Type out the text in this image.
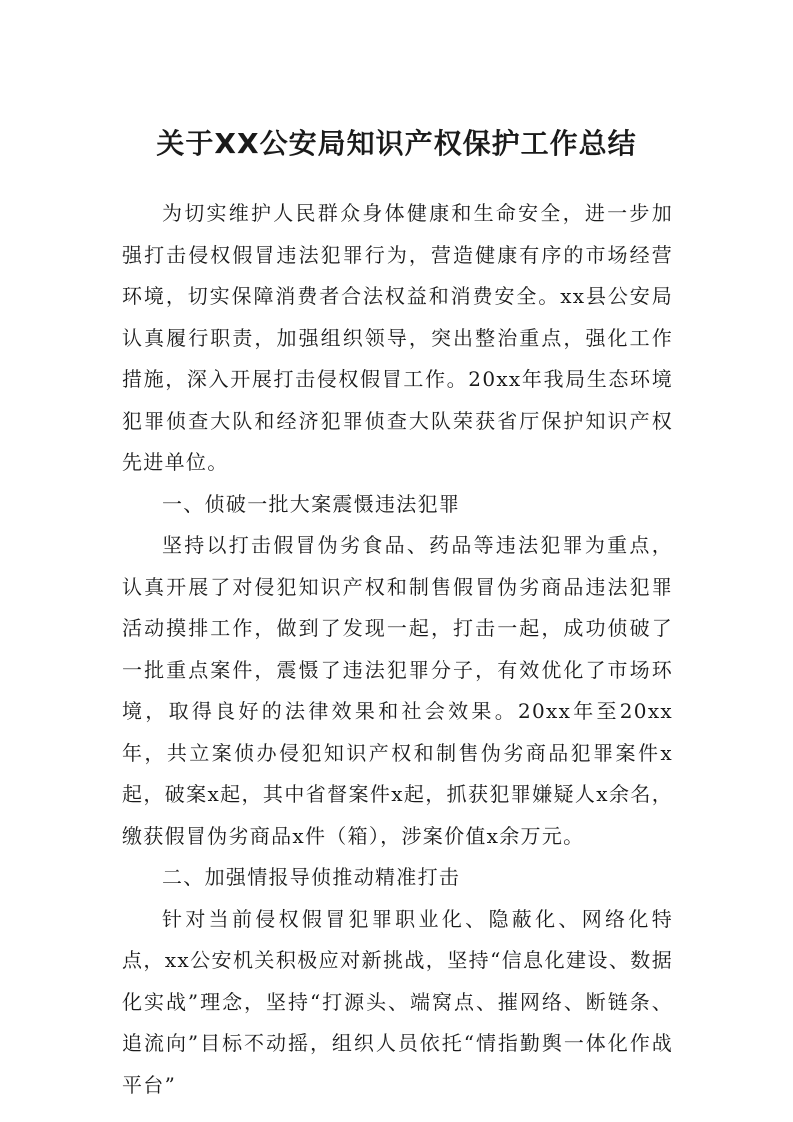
关于XX公安局知识产权保护工作总结

为切实维护人民群众身体健康和生命安全，进一步加强打击侵权假冒违法犯罪行为，营造健康有序的市场经营环境，切实保障消费者合法权益和消费安全。xx县公安局认真履行职责，加强组织领导，突出整治重点，强化工作措施，深入开展打击侵权假冒工作。20xx年我局生态环境犯罪侦查大队和经济犯罪侦查大队荣获省厅保护知识产权先进单位。

一、侦破一批大案震慑违法犯罪

坚持以打击假冒伪劣食品、药品等违法犯罪为重点，认真开展了对侵犯知识产权和制售假冒伪劣商品违法犯罪活动摸排工作，做到了发现一起，打击一起，成功侦破了一批重点案件，震慑了违法犯罪分子，有效优化了市场环境，取得良好的法律效果和社会效果。20xx年至20xx年，共立案侦办侵犯知识产权和制售伪劣商品犯罪案件x起，破案x起，其中省督案件x起，抓获犯罪嫌疑人x余名，缴获假冒伪劣商品x件（箱），涉案价值x余万元。

二、加强情报导侦推动精准打击

针对当前侵权假冒犯罪职业化、隐蔽化、网络化特点，xx公安机关积极应对新挑战，坚持“信息化建设、数据化实战”理念，坚持“打源头、端窝点、摧网络、断链条、追流向”目标不动摇，组织人员依托“情指勤舆一体化作战平台”
